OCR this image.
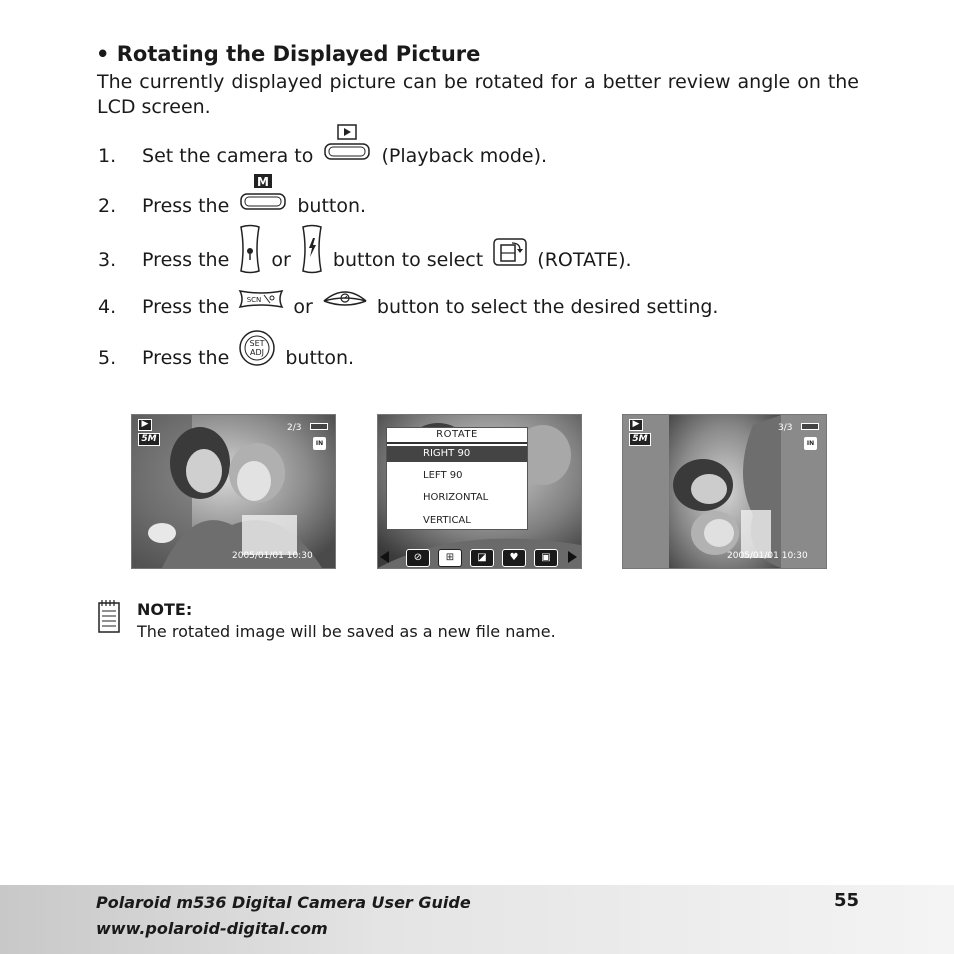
• Rotating the Displayed Picture
The currently displayed picture can be rotated for a better review angle on the LCD screen.
1. Set the camera to	(Playback mode).
2. Press the
M
button.
3. Press the or button to select	(ROTATE).
4. Press the	SCN or	button to select the desired setting.
5. Press the
SET
ADJ button.
▶
5M
2/3
IN
2005/01/01 10:30
ROTATE
RIGHT 90
LEFT 90
HORIZONTAL
VERTICAL
⊘	⊞	◪	♥	▣
▶
5M
3/3
IN
2005/01/01 10:30
NOTE:
The rotated image will be saved as a new file name.
Polaroid m536 Digital Camera User Guide
www.polaroid-digital.com
55
